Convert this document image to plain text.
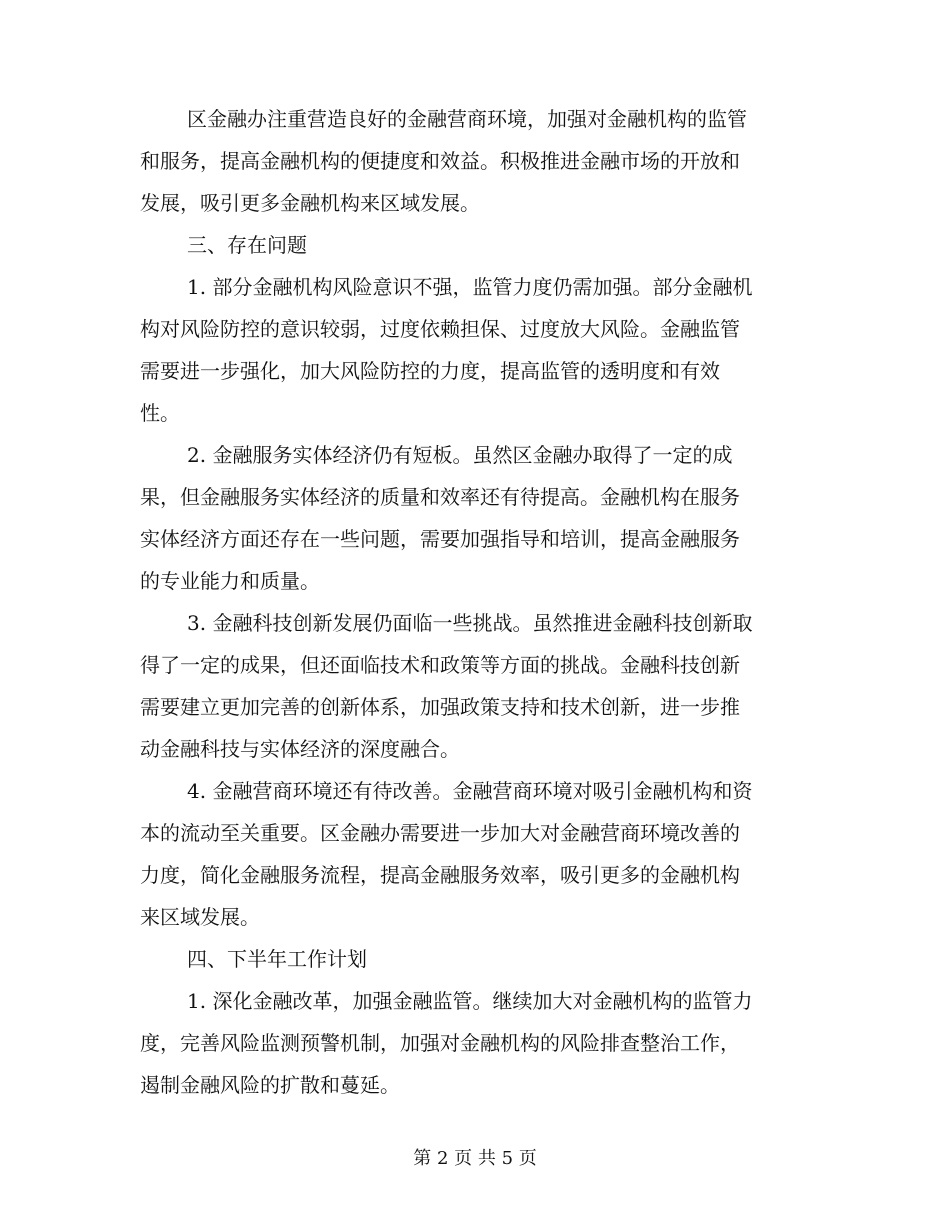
区金融办注重营造良好的金融营商环境，加强对金融机构的监管
和服务，提高金融机构的便捷度和效益。积极推进金融市场的开放和
发展，吸引更多金融机构来区域发展。
三、存在问题
1. 部分金融机构风险意识不强，监管力度仍需加强。部分金融机
构对风险防控的意识较弱，过度依赖担保、过度放大风险。金融监管
需要进一步强化，加大风险防控的力度，提高监管的透明度和有效
性。
2. 金融服务实体经济仍有短板。虽然区金融办取得了一定的成
果，但金融服务实体经济的质量和效率还有待提高。金融机构在服务
实体经济方面还存在一些问题，需要加强指导和培训，提高金融服务
的专业能力和质量。
3. 金融科技创新发展仍面临一些挑战。虽然推进金融科技创新取
得了一定的成果，但还面临技术和政策等方面的挑战。金融科技创新
需要建立更加完善的创新体系，加强政策支持和技术创新，进一步推
动金融科技与实体经济的深度融合。
4. 金融营商环境还有待改善。金融营商环境对吸引金融机构和资
本的流动至关重要。区金融办需要进一步加大对金融营商环境改善的
力度，简化金融服务流程，提高金融服务效率，吸引更多的金融机构
来区域发展。
四、下半年工作计划
1. 深化金融改革，加强金融监管。继续加大对金融机构的监管力
度，完善风险监测预警机制，加强对金融机构的风险排查整治工作，
遏制金融风险的扩散和蔓延。
第 2 页 共 5 页
